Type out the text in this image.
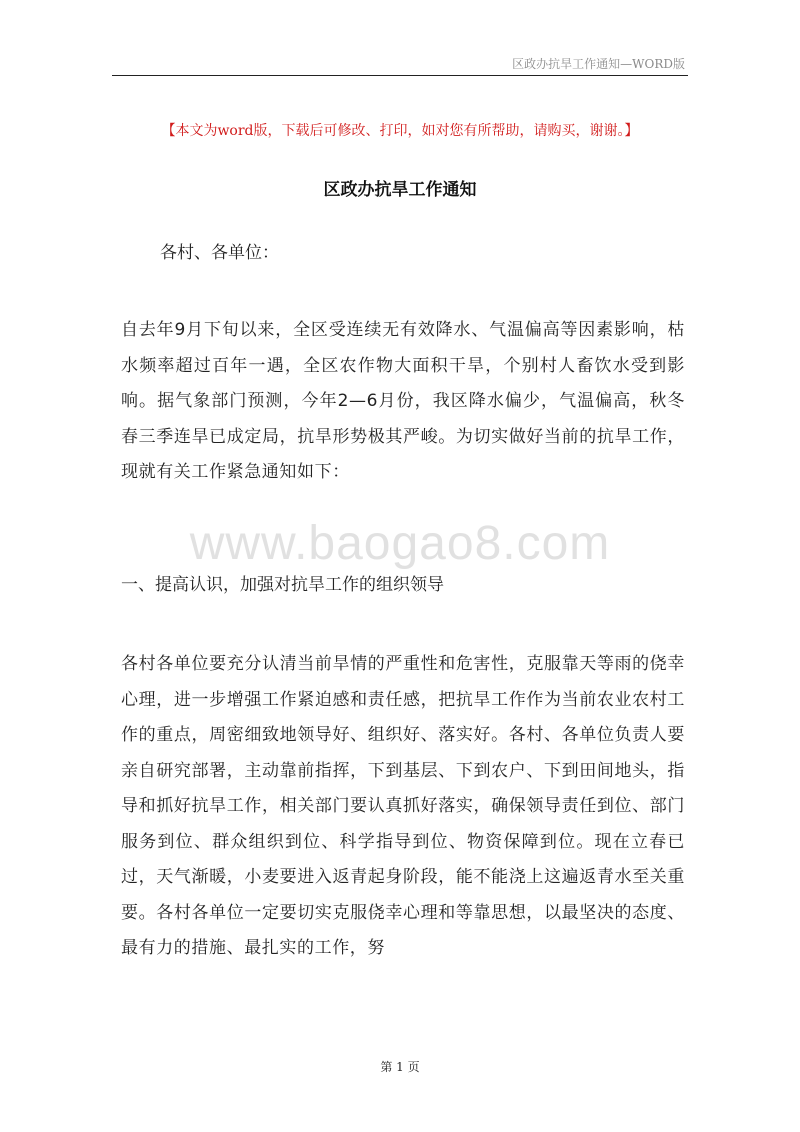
区政办抗旱工作通知—WORD版
【本文为word版，下载后可修改、打印，如对您有所帮助，请购买，谢谢。】
区政办抗旱工作通知
各村、各单位：
自去年9月下旬以来，全区受连续无有效降水、气温偏高等因素影响，枯水频率超过百年一遇，全区农作物大面积干旱，个别村人畜饮水受到影响。据气象部门预测，今年2—6月份，我区降水偏少，气温偏高，秋冬春三季连旱已成定局，抗旱形势极其严峻。为切实做好当前的抗旱工作，现就有关工作紧急通知如下：
www.baogao8.com
一、提高认识，加强对抗旱工作的组织领导
各村各单位要充分认清当前旱情的严重性和危害性，克服靠天等雨的侥幸心理，进一步增强工作紧迫感和责任感，把抗旱工作作为当前农业农村工作的重点，周密细致地领导好、组织好、落实好。各村、各单位负责人要亲自研究部署，主动靠前指挥，下到基层、下到农户、下到田间地头，指导和抓好抗旱工作，相关部门要认真抓好落实，确保领导责任到位、部门服务到位、群众组织到位、科学指导到位、物资保障到位。现在立春已过，天气渐暖，小麦要进入返青起身阶段，能不能浇上这遍返青水至关重要。各村各单位一定要切实克服侥幸心理和等靠思想，以最坚决的态度、最有力的措施、最扎实的工作，努
第 1 页
